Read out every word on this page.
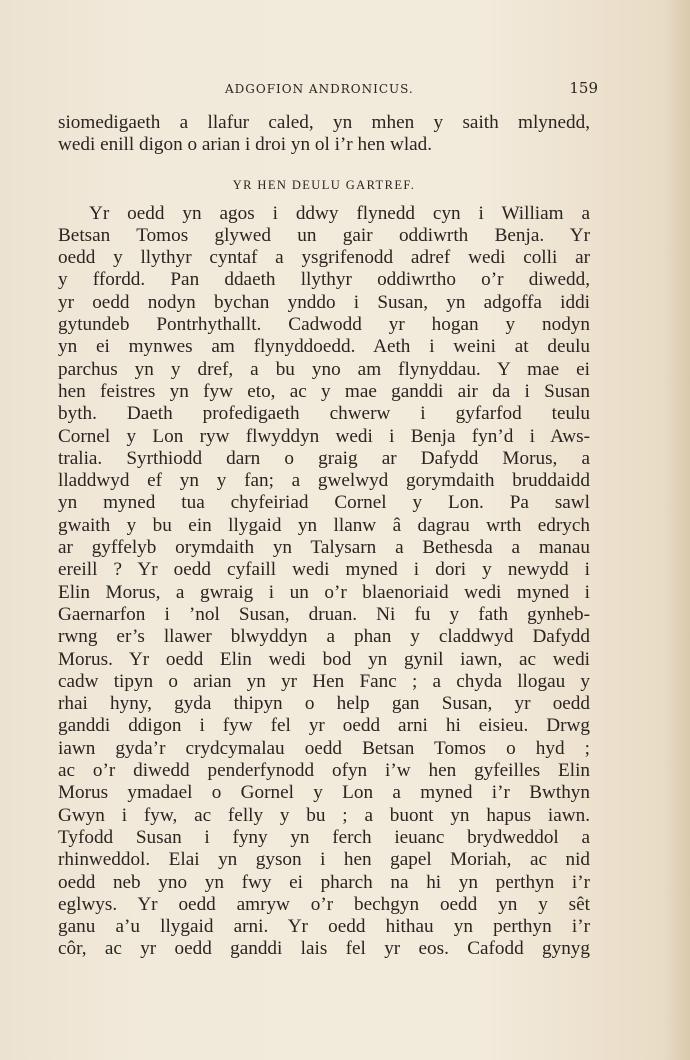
ADGOFION ANDRONICUS.	159
siomedigaeth a llafur caled, yn mhen y saith mlynedd,
wedi enill digon o arian i droi yn ol i’r hen wlad.
YR HEN DEULU GARTREF.
Yr oedd yn agos i ddwy flynedd cyn i William a
Betsan Tomos glywed un gair oddiwrth Benja. Yr
oedd y llythyr cyntaf a ysgrifenodd adref wedi colli ar
y ffordd. Pan ddaeth llythyr oddiwrtho o’r diwedd,
yr oedd nodyn bychan ynddo i Susan, yn adgoffa iddi
gytundeb Pontrhythallt. Cadwodd yr hogan y nodyn
yn ei mynwes am flynyddoedd. Aeth i weini at deulu
parchus yn y dref, a bu yno am flynyddau. Y mae ei
hen feistres yn fyw eto, ac y mae ganddi air da i Susan
byth. Daeth profedigaeth chwerw i gyfarfod teulu
Cornel y Lon ryw flwyddyn wedi i Benja fyn’d i Aws-
tralia. Syrthiodd darn o graig ar Dafydd Morus, a
lladdwyd ef yn y fan; a gwelwyd gorymdaith bruddaidd
yn myned tua chyfeiriad Cornel y Lon. Pa sawl
gwaith y bu ein llygaid yn llanw â dagrau wrth edrych
ar gyffelyb orymdaith yn Talysarn a Bethesda a manau
ereill ? Yr oedd cyfaill wedi myned i dori y newydd i
Elin Morus, a gwraig i un o’r blaenoriaid wedi myned i
Gaernarfon i ’nol Susan, druan. Ni fu y fath gynheb-
rwng er’s llawer blwyddyn a phan y claddwyd Dafydd
Morus. Yr oedd Elin wedi bod yn gynil iawn, ac wedi
cadw tipyn o arian yn yr Hen Fanc ; a chyda llogau y
rhai hyny, gyda thipyn o help gan Susan, yr oedd
ganddi ddigon i fyw fel yr oedd arni hi eisieu. Drwg
iawn gyda’r crydcymalau oedd Betsan Tomos o hyd ;
ac o’r diwedd penderfynodd ofyn i’w hen gyfeilles Elin
Morus ymadael o Gornel y Lon a myned i’r Bwthyn
Gwyn i fyw, ac felly y bu ; a buont yn hapus iawn.
Tyfodd Susan i fyny yn ferch ieuanc brydweddol a
rhinweddol. Elai yn gyson i hen gapel Moriah, ac nid
oedd neb yno yn fwy ei pharch na hi yn perthyn i’r
eglwys. Yr oedd amryw o’r bechgyn oedd yn y sêt
ganu a’u llygaid arni. Yr oedd hithau yn perthyn i’r
côr, ac yr oedd ganddi lais fel yr eos. Cafodd gynyg
